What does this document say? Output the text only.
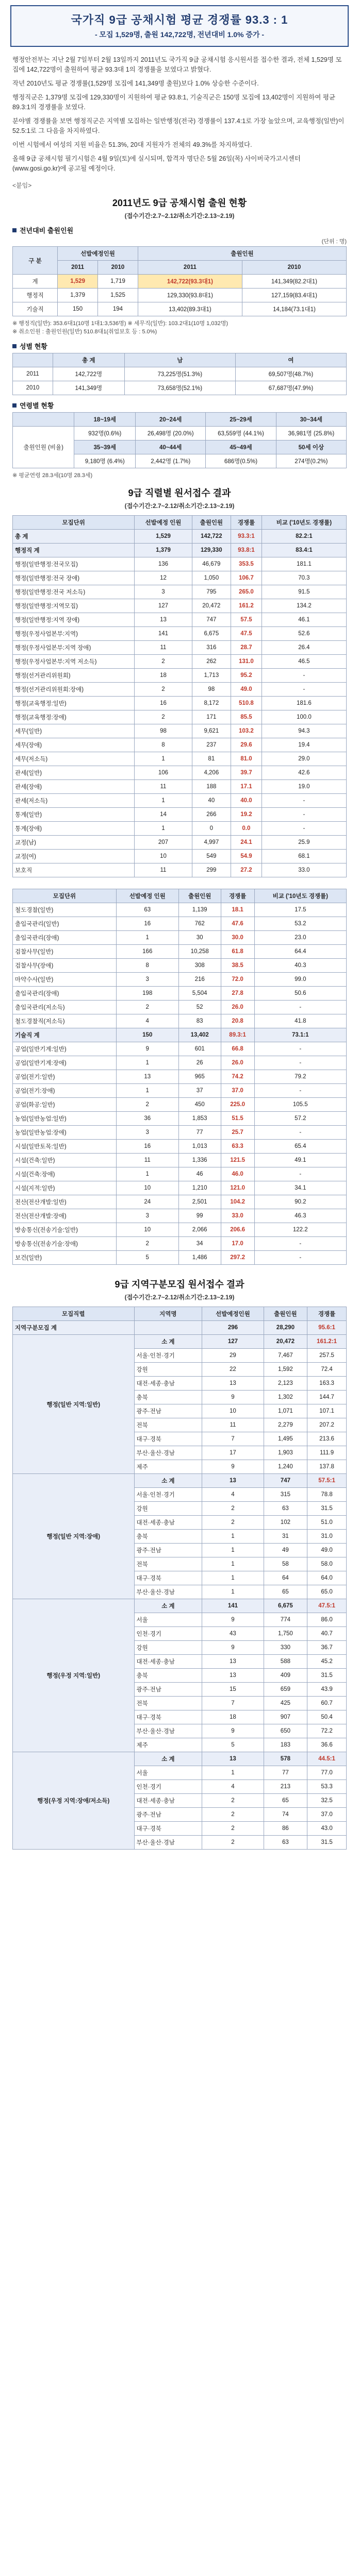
국가직 9급 공채시험 평균 경쟁률 93.3 : 1
- 모집 1,529명, 출원 142,722명, 전년대비 1.0% 증가 -

행정안전부는 지난 2월 7일부터 2월 13일까지 2011년도 국가직 9급 공채시험 응시원서를 접수한 결과, 전체 1,529명 모집에 142,722명이 출원하여 평균 93.3대 1의 경쟁률을 보였다고 밝혔다.

작년 2010년도 평균 경쟁률(1,529명 모집에 141,349명 출원)보다 1.0% 상승한 수준이다.

행정직군은 1,379명 모집에 129,330명이 지원하여 평균 93.8:1, 기술직군은 150명 모집에 13,402명이 지원하여 평균 89.3:1의 경쟁률을 보였다.

분야별 경쟁률을 보면 행정직군은 지역별 모집하는 일반행정(전국) 경쟁률이 137.4:1로 가장 높았으며, 교육행정(일반)이 52.5:1로 그 다음을 차지하였다.

이번 시험에서 여성의 지원 비율은 51.3%, 20대 지원자가 전체의 49.3%를 차지하였다.

올해 9급 공채시험 필기시험은 4월 9일(토)에 실시되며, 합격자 명단은 5월 26일(목) 사이버국가고시센터(www.gosi.go.kr)에 공고될 예정이다.

<붙임>
2011년도 9급 공채시험 출원 현황
(접수기간:2.7~2.12/취소기간:2.13~2.19)
전년대비 출원인원
(단위 : 명)
구 분	선발예정인원		출원인원	
	2011	2010	2011	2010
계	1,529	1,719	142,722(93.3대1)	141,349(82.2대1)
행정직	1,379	1,525	129,330(93.8대1)	127,159(83.4대1)
기술직	150	194	13,402(89.3대1)	14,184(73.1대1)
※ 행정직(일반): 353.6대1(10명 1대1:3,536명) ※ 세무직(일반): 103.2대1(10명 1,032명)
※ 취소인원 : 출원인원(일반) 510.8대1(취업보호 등 : 5.0%)
성별 현황
	총 계	남	여
2011	142,722명	73,225명(51.3%)	69,507명(48.7%)
2010	141,349명	73,658명(52.1%)	67,687명(47.9%)
연령별 현황
	18~19세	20~24세	25~29세	30~34세
출원인원 (비율)	932명(0.6%)	26,498명 (20.0%)	63,559명 (44.1%)	36,981명 (25.8%)
	35~39세	40~44세	45~49세	50세 이상
	9,180명 (6.4%)	2,442명 (1.7%)	686명(0.5%)	274명(0.2%)
※ 평균연령 28.3세(10명 28.3세)
9급 직렬별 원서접수 결과
(접수기간:2.7~2.12/취소기간:2.13~2.19)
모집단위	선발예정 인원	출원인원	경쟁률	비교 ('10년도 경쟁률)
총 계	1,529	142,722	93.3:1	82.2:1
행정직 계	1,379	129,330	93.8:1	83.4:1
행정(일반행정:전국모집)	136	46,679	353.5	181.1
행정(일반행정:전국 장애)	12	1,050	106.7	70.3
행정(일반행정:전국 저소득)	3	795	265.0	91.5
행정(일반행정:지역모집)	127	20,472	161.2	134.2
행정(일반행정:지역 장애)	13	747	57.5	46.1
행정(우정사업본부:지역)	141	6,675	47.5	52.6
행정(우정사업본부:지역 장애)	11	316	28.7	26.4
행정(우정사업본부:지역 저소득)	2	262	131.0	46.5
행정(선거관리위원회)	18	1,713	95.2	-
행정(선거관리위원회:장애)	2	98	49.0	-
행정(교육행정:일반)	16	8,172	510.8	181.6
행정(교육행정:장애)	2	171	85.5	100.0
세무(일반)	98	9,621	103.2	94.3
세무(장애)	8	237	29.6	19.4
세무(저소득)	1	81	81.0	29.0
관세(일반)	106	4,206	39.7	42.6
관세(장애)	11	188	17.1	19.0
관세(저소득)	1	40	40.0	-
통계(일반)	14	266	19.2	-
통계(장애)	1	0	0.0	-
교정(남)	207	4,997	24.1	25.9
교정(여)	10	549	54.9	68.1
보호직	11	299	27.2	33.0
모집단위	선발예정 인원	출원인원	경쟁률	비교 ('10년도 경쟁률)
철도경찰(일반)	63	1,139	18.1	17.5
출입국관리(일반)	16	762	47.6	53.2
출입국관리(장애)	1	30	30.0	23.0
검찰사무(일반)	166	10,258	61.8	64.4
검찰사무(장애)	8	308	38.5	40.3
마약수사(일반)	3	216	72.0	99.0
출입국관리(장애)	198	5,504	27.8	50.6
출입국관리(저소득)	2	52	26.0	-
철도경찰직(저소득)	4	83	20.8	41.8
기술직 계	150	13,402	89.3:1	73.1:1
공업(일반기계:일반)	9	601	66.8	-
공업(일반기계:장애)	1	26	26.0	-
공업(전기:일반)	13	965	74.2	79.2
공업(전기:장애)	1	37	37.0	-
공업(화공:일반)	2	450	225.0	105.5
농업(일반농업:일반)	36	1,853	51.5	57.2
농업(일반농업:장애)	3	77	25.7	-
시설(일반토목:일반)	16	1,013	63.3	65.4
시설(건축:일반)	11	1,336	121.5	49.1
시설(건축:장애)	1	46	46.0	-
시설(지적:일반)	10	1,210	121.0	34.1
전산(전산개발:일반)	24	2,501	104.2	90.2
전산(전산개발:장애)	3	99	33.0	46.3
방송통신(전송기술:일반)	10	2,066	206.6	122.2
방송통신(전송기술:장애)	2	34	17.0	-
보건(일반)	5	1,486	297.2	-
9급 지역구분모집 원서접수 결과
(접수기간:2.7~2.12/취소기간:2.13~2.19)
모집직렬	지역명	선발예정인원	출원인원	경쟁률
지역구분모집 계		296	28,290	95.6:1
행정(일반 지역:일반)	소 계	127	20,472	161.2:1
	서울·인천·경기	29	7,467	257.5
	강원	22	1,592	72.4
	대전·세종·충남	13	2,123	163.3
	충북	9	1,302	144.7
	광주·전남	10	1,071	107.1
	전북	11	2,279	207.2
	대구·경북	7	1,495	213.6
	부산·울산·경남	17	1,903	111.9
	제주	9	1,240	137.8
행정(일반 지역:장애)	소 계	13	747	57.5:1
	서울·인천·경기	4	315	78.8
	강원	2	63	31.5
	대전·세종·충남	2	102	51.0
	충북	1	31	31.0
	광주·전남	1	49	49.0
	전북	1	58	58.0
	대구·경북	1	64	64.0
	부산·울산·경남	1	65	65.0
행정(우정 지역:일반)	소 계	141	6,675	47.5:1
	서울	9	774	86.0
	인천·경기	43	1,750	40.7
	강원	9	330	36.7
	대전·세종·충남	13	588	45.2
	충북	13	409	31.5
	광주·전남	15	659	43.9
	전북	7	425	60.7
	대구·경북	18	907	50.4
	부산·울산·경남	9	650	72.2
	제주	5	183	36.6
행정(우정 지역:장애/저소득)	소 계	13	578	44.5:1
	서울	1	77	77.0
	인천·경기	4	213	53.3
	대전·세종·충남	2	65	32.5
	광주·전남	2	74	37.0
	대구·경북	2	86	43.0
	부산·울산·경남	2	63	31.5
